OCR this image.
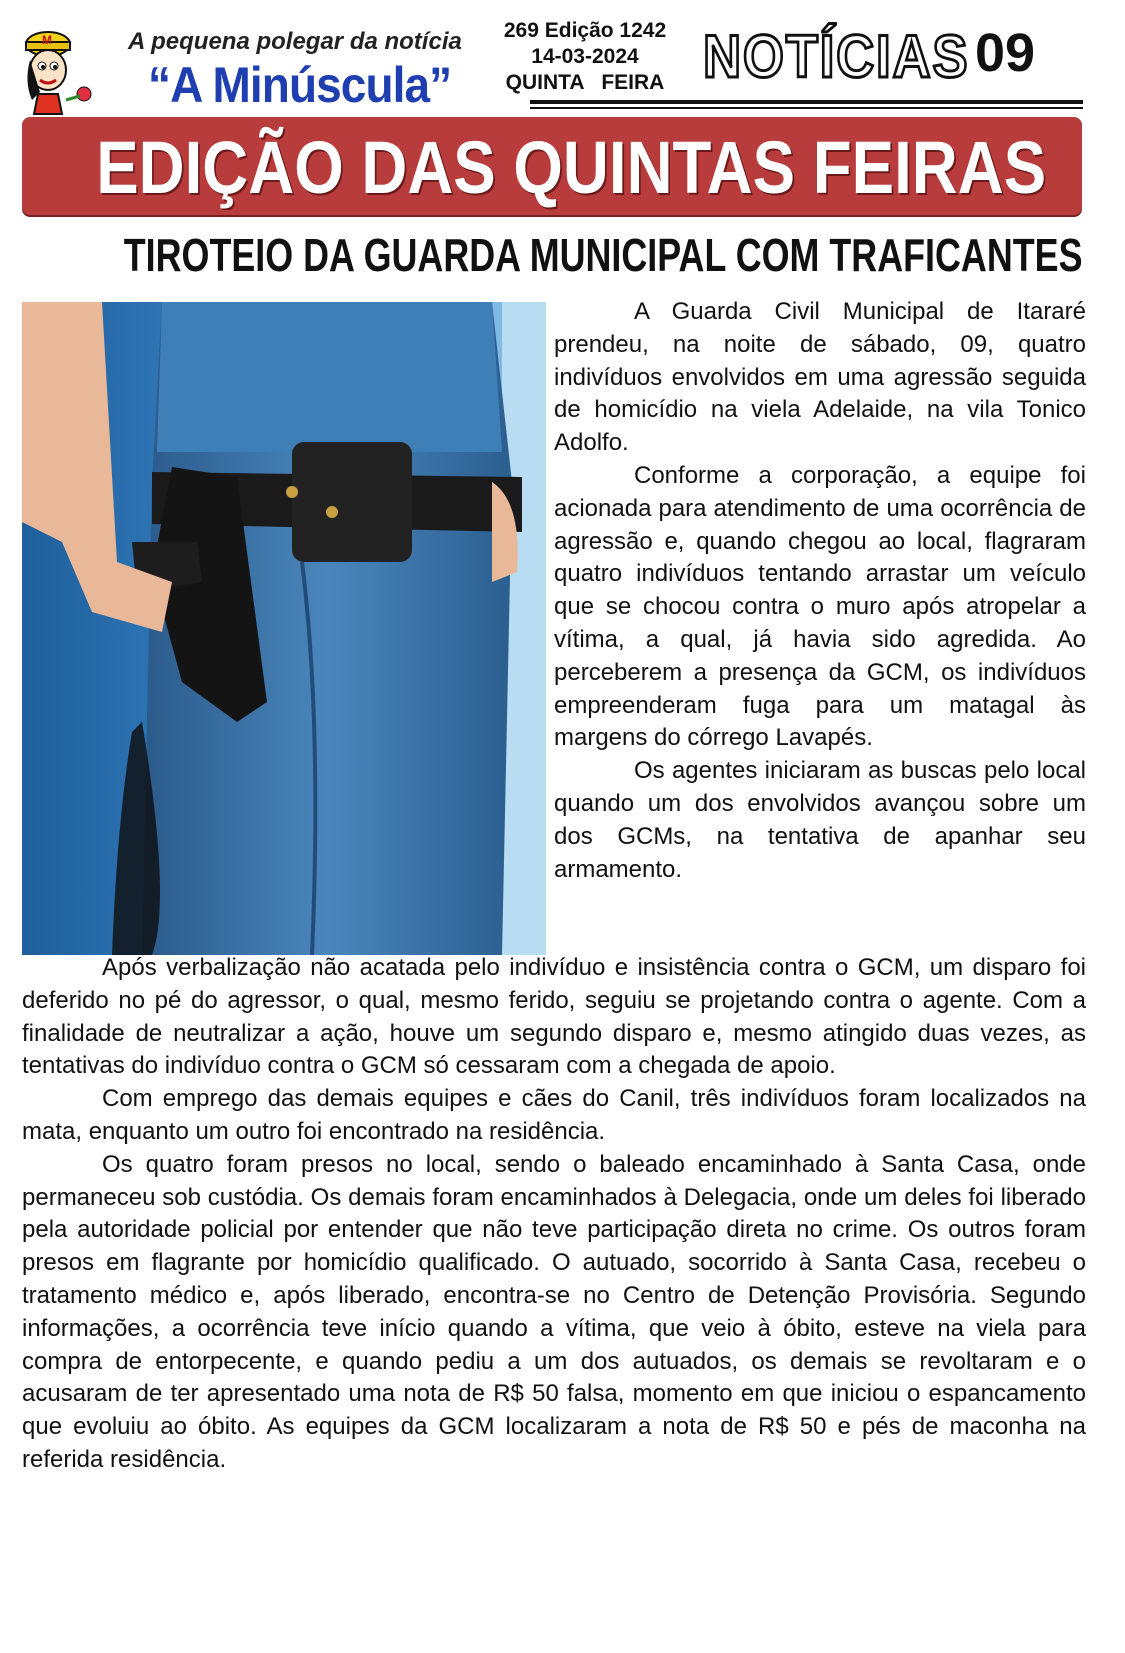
M	A pequena polegar da notícia
“A Minúscula”
269 Edição 1242
14-03-2024
QUINTA   FEIRA NOTÍCIAS 09
EDIÇÃO DAS QUINTAS FEIRAS
TIROTEIO DA GUARDA MUNICIPAL COM TRAFICANTES

A Guarda Civil Municipal de Itararé prendeu, na noite de sábado, 09, quatro indivíduos envolvidos em uma agressão seguida de homicídio na viela Adelaide, na vila Tonico Adolfo.

Conforme a corporação, a equipe foi acionada para atendimento de uma ocorrência de agressão e, quando chegou ao local, flagraram quatro indivíduos tentando arrastar um veículo que se chocou contra o muro após atropelar a vítima, a qual, já havia sido agredida. Ao perceberem a presença da GCM, os indivíduos empreenderam fuga para um matagal às margens do córrego Lavapés.

Os agentes iniciaram as buscas pelo local quando um dos envolvidos avançou sobre um dos GCMs, na tentativa de apanhar seu armamento.

Após verbalização não acatada pelo indivíduo e insistência contra o GCM, um disparo foi deferido no pé do agressor, o qual, mesmo ferido, seguiu se projetando contra o agente. Com a finalidade de neutralizar a ação, houve um segundo disparo e, mesmo atingido duas vezes, as tentativas do indivíduo contra o GCM só cessaram com a chegada de apoio.

Com emprego das demais equipes e cães do Canil, três indivíduos foram localizados na mata, enquanto um outro foi encontrado na residência.

Os quatro foram presos no local, sendo o baleado encaminhado à Santa Casa, onde permaneceu sob custódia. Os demais foram encaminhados à Delegacia, onde um deles foi liberado pela autoridade policial por entender que não teve participação direta no crime. Os outros foram presos em flagrante por homicídio qualificado. O autuado, socorrido à Santa Casa, recebeu o tratamento médico e, após liberado, encontra-se no Centro de Detenção Provisória. Segundo informações, a ocorrência teve início quando a vítima, que veio à óbito, esteve na viela para compra de entorpecente, e quando pediu a um dos autuados, os demais se revoltaram e o acusaram de ter apresentado uma nota de R$ 50 falsa, momento em que iniciou o espancamento que evoluiu ao óbito. As equipes da GCM localizaram a nota de R$ 50 e pés de maconha na referida residência.
